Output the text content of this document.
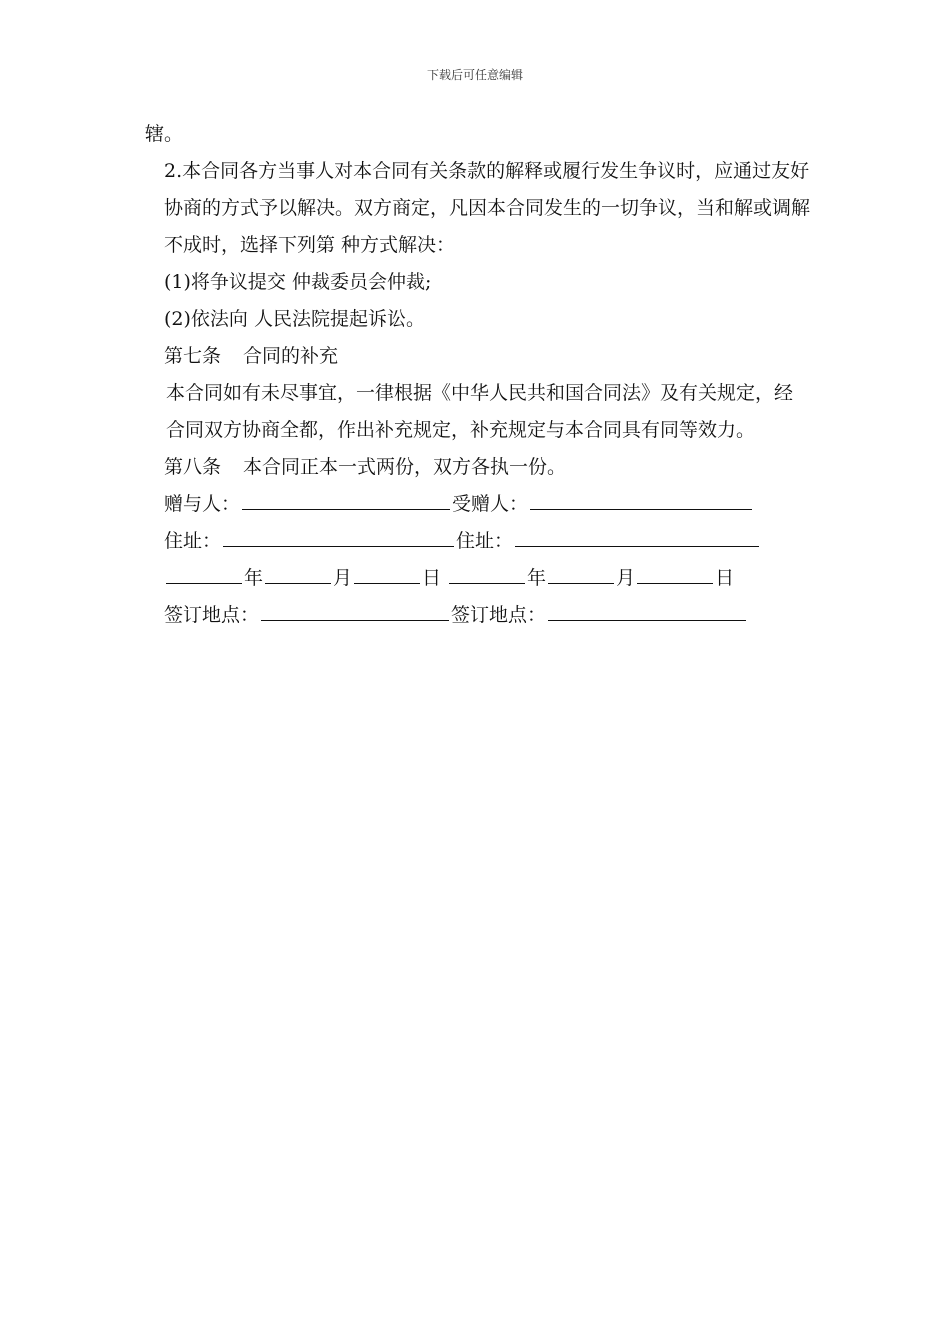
下载后可任意编辑

辖。

2.本合同各方当事人对本合同有关条款的解释或履行发生争议时，应通过友好协商的方式予以解决。双方商定，凡因本合同发生的一切争议，当和解或调解不成时，选择下列第 种方式解决：

(1)将争议提交 仲裁委员会仲裁;

(2)依法向 人民法院提起诉讼。

第七条 合同的补充

本合同如有未尽事宜，一律根据《中华人民共和国合同法》及有关规定，经合同双方协商全都，作出补充规定，补充规定与本合同具有同等效力。

第八条 本合同正本一式两份，双方各执一份。

赠与人：	受赠人：

住址：	住址：

年	月	日	年	月	日

签订地点：	签订地点：
